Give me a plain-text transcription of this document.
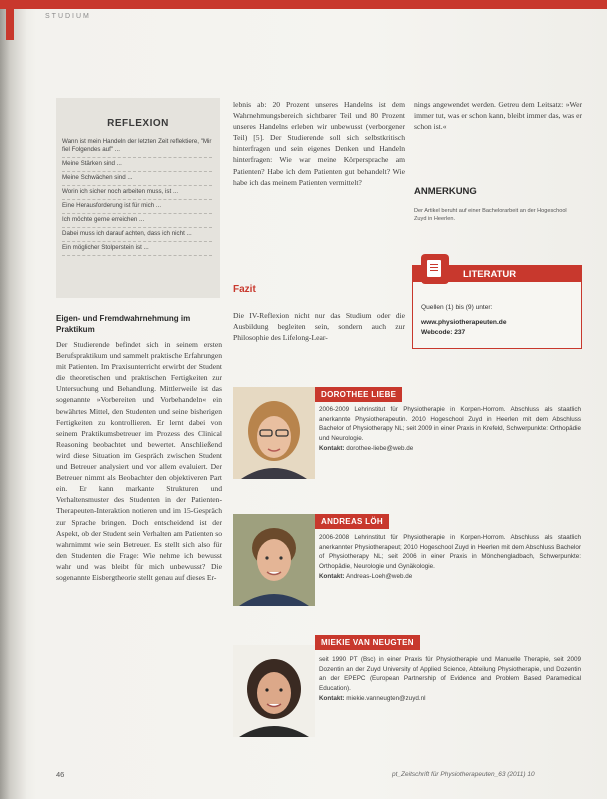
STUDIUM
REFLEXION
Wann ist mein Handeln der letzten Zeit reflektiere, "Mir fiel Folgendes auf" ...
Meine Stärken sind ...
Meine Schwächen sind ...
Worin ich sicher noch arbeiten muss, ist ...
Eine Herausforderung ist für mich ...
Ich möchte gerne erreichen ...
Dabei muss ich darauf achten, dass ich nicht ...
Ein möglicher Stolperstein ist ...
Eigen- und Fremdwahrnehmung im Praktikum
Der Studierende befindet sich in seinem ersten Berufspraktikum und sammelt praktische Erfahrungen mit Patienten. Im Praxisunterricht erwirbt der Student die theoretischen und praktischen Fertigkeiten zur Untersuchung und Behandlung. Mittlerweile ist das sogenannte »Vorbereiten und Vorbehandeln« ein bewährtes Mittel, den Studenten und seine bisherigen Fertigkeiten zu kontrollieren. Er lernt dabei von seinem Praktikumsbetreuer im Prozess des Clinical Reasoning beobachtet und bewertet. Anschließend wird diese Situation im Gespräch zwischen Student und Betreuer analysiert und vor allem evaluiert. Der Betreuer nimmt als Beobachter den objektiveren Part ein. Er kann markante Strukturen und Verhaltensmuster des Studenten in der Patienten-Therapeuten-Interaktion notieren und im 15-Gespräch zur Sprache bringen. Doch entscheidend ist der Aspekt, ob der Student sein Verhalten am Patienten so wahrnimmt wie sein Betreuer. Es stellt sich also für den Studenten die Frage: Wie nehme ich bewusst wahr und was bleibt für mich unbewusst? Die sogenannte Eisbergtheorie stellt genau auf dieses Er-
lebnis ab: 20 Prozent unseres Handelns ist dem Wahrnehmungsbereich sichtbarer Teil und 80 Prozent unseres Handelns erleben wir unbewusst (verborgener Teil) [5]. Der Studierende soll sich selbstkritisch hinterfragen und sein eigenes Denken und Handeln hinterfragen: Wie war meine Körpersprache am Patienten? Habe ich dem Patienten gut behandelt? Wie habe ich das meinem Patienten vermittelt?
Fazit
Die IV-Reflexion nicht nur das Studium oder die Ausbildung begleiten sein, sondern auch zur Philosophie des Lifelong-Lear-
nings angewendet werden. Getreu dem Leitsatz: »Wer immer tut, was er schon kann, bleibt immer das, was er schon ist.«
ANMERKUNG
Der Artikel beruht auf einer Bachelorarbeit an der Hogeschool Zuyd in Heerlen.
LITERATUR
Quellen (1) bis (9) unter:
www.physiotherapeuten.de
Webcode: 237
DOROTHEE LIEBE
2006-2009 Lehrinstitut für Physiotherapie in Korpen-Horrom. Abschluss als staatlich anerkannte Physiotherapeutin. 2010 Hogeschool Zuyd in Heerlen mit dem Abschluss Bachelor of Physiotherapy NL; seit 2009 in einer Praxis in Krefeld, Schwerpunkte: Orthopädie und Neurologie.
Kontakt: dorothee-liebe@web.de
ANDREAS LÖH
2006-2008 Lehrinstitut für Physiotherapie in Korpen-Horrom. Abschluss als staatlich anerkannter Physiotherapeut; 2010 Hogeschool Zuyd in Heerlen mit dem Abschluss Bachelor of Physiotherapy NL; seit 2006 in einer Praxis in Mönchengladbach, Schwerpunkte: Orthopädie, Neurologie und Gynäkologie.
Kontakt: Andreas-Loeh@web.de
MIEKIE VAN NEUGTEN
seit 1990 PT (Bsc) in einer Praxis für Physiotherapie und Manuelle Therapie, seit 2009 Dozentin an der Zuyd University of Applied Science, Abteilung Physiotherapie, und Dozentin an der EPEPC (European Partnership of Evidence and Problem Based Paramedical Education).
Kontakt: miekie.vanneugten@zuyd.nl
46	pt_Zeitschrift für Physiotherapeuten_63 (2011) 10
